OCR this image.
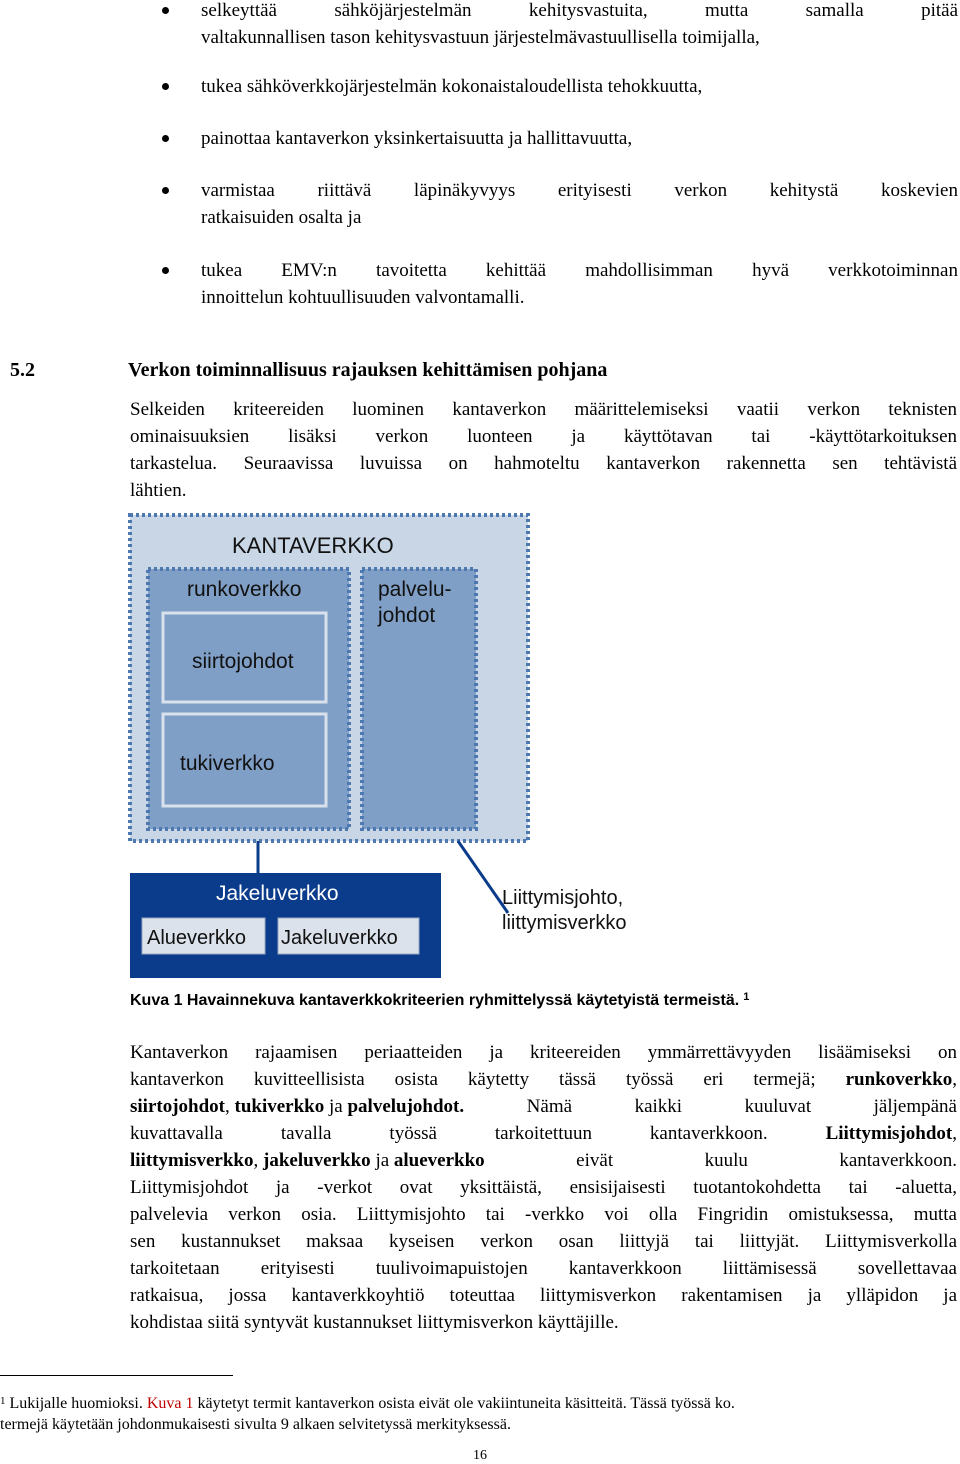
selkeyttää sähköjärjestelmän kehitysvastuita, mutta samalla pitää
valtakunnallisen tason kehitysvastuun järjestelmävastuullisella toimijalla,
tukea sähköverkkojärjestelmän kokonaistaloudellista tehokkuutta,
painottaa kantaverkon yksinkertaisuutta ja hallittavuutta,
varmistaa riittävä läpinäkyvyys erityisesti verkon kehitystä koskevien
ratkaisuiden osalta ja
tukea EMV:n tavoitetta kehittää mahdollisimman hyvä verkkotoiminnan
innoittelun kohtuullisuuden valvontamalli.
5.2	Verkon toiminnallisuus rajauksen kehittämisen pohjana
Selkeiden kriteereiden luominen kantaverkon määrittelemiseksi vaatii verkon teknisten
ominaisuuksien lisäksi verkon luonteen ja käyttötavan tai -käyttötarkoituksen
tarkastelua. Seuraavissa luvuissa on hahmoteltu kantaverkon rakennetta sen tehtävistä
lähtien.
KANTAVERKKO
runkoverkko
siirtojohdot
tukiverkko
palvelu-
johdot
Jakeluverkko
Alueverkko Jakeluverkko
Liittymisjohto,
liittymisverkko
Kuva 1 Havainnekuva kantaverkkokriteerien ryhmittelyssä käytetyistä termeistä. $^1$
Kantaverkon rajaamisen periaatteiden ja kriteereiden ymmärrettävyyden lisäämiseksi on
kantaverkon kuvitteellisista osista käytetty tässä työssä eri termejä; runkoverkko,
siirtojohdot , tukiverkko ja palvelujohdot. Nämä kaikki kuuluvat jäljempänä
kuvattavalla tavalla työssä tarkoitettuun kantaverkkoon.	Liittymisjohdot,
liittymisverkko , jakeluverkko ja alueverkko eivät kuulu kantaverkkoon.
Liittymisjohdot ja -verkot ovat yksittäistä, ensisijaisesti tuotantokohdetta tai -aluetta,
palvelevia verkon osia. Liittymisjohto tai -verkko voi olla Fingridin omistuksessa, mutta
sen kustannukset maksaa kyseisen verkon osan liittyjä tai liittyjät. Liittymisverkolla
tarkoitetaan erityisesti tuulivoimapuistojen kantaverkkoon liittämisessä sovellettavaa
ratkaisua, jossa kantaverkkoyhtiö toteuttaa liittymisverkon rakentamisen ja ylläpidon ja
kohdistaa siitä syntyvät kustannukset liittymisverkon käyttäjille.
$^1$ Lukijalle huomioksi. Kuva 1 käytetyt termit kantaverkon osista eivät ole vakiintuneita käsitteitä. Tässä työssä ko.
termejä käytetään johdonmukaisesti sivulta 9 alkaen selvitetyssä merkityksessä.
16
